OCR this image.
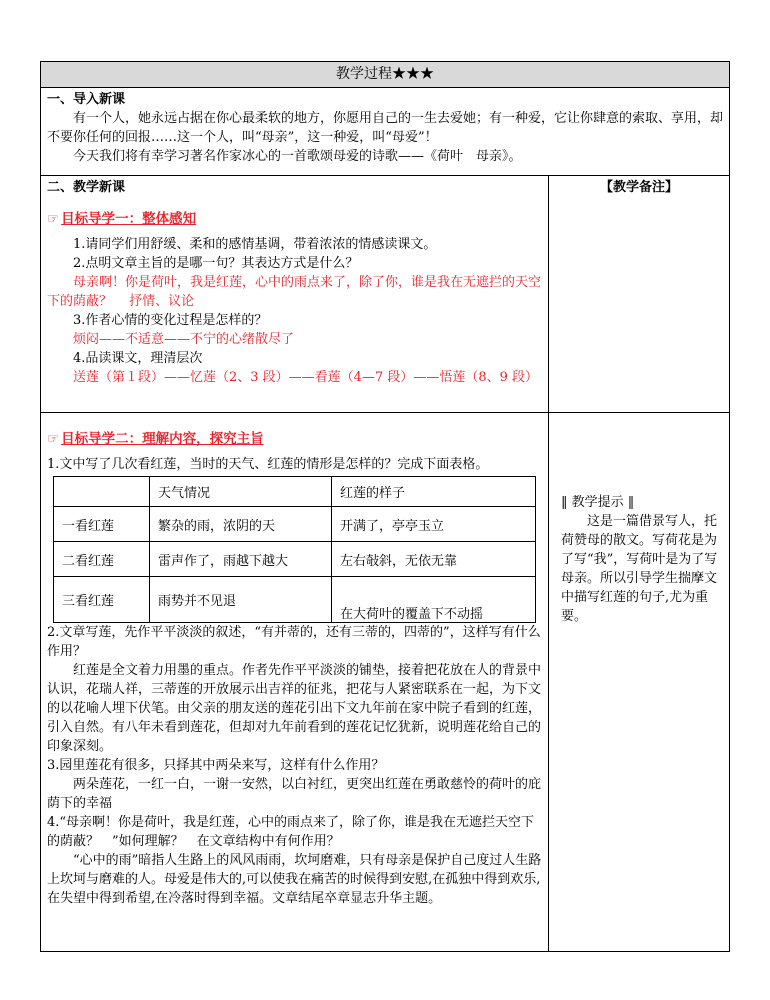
教学过程★★★

一、导入新课

有一个人，她永远占据在你心最柔软的地方，你愿用自己的一生去爱她；有一种爱，它让你肆意的索取、享用，却不要你任何的回报……这一个人，叫“母亲”，这一种爱，叫“母爱”！

今天我们将有幸学习著名作家冰心的一首歌颂母爱的诗歌——《荷叶　母亲》。

二、教学新课
☞ 目标导学一：整体感知

1.请同学们用舒缓、柔和的感情基调，带着浓浓的情感读课文。

2.点明文章主旨的是哪一句？其表达方式是什么？

母亲啊！你是荷叶，我是红莲，心中的雨点来了，除了你，谁是我在无遮拦的天空下的荫蔽？　 抒情、议论

3.作者心情的变化过程是怎样的？

烦闷——不适意——不宁的心绪散尽了

4.品读课文，理清层次

送莲（第１段）——忆莲（2、3 段）——看莲（4—7 段）——悟莲（8、9 段）

【教学备注】

☞ 目标导学二：理解内容，探究主旨

1.文中写了几次看红莲，当时的天气、红莲的情形是怎样的？完成下面表格。

	天气情况	红莲的样子
一看红莲	繁杂的雨，浓阴的天	开满了，亭亭玉立
二看红莲	雷声作了，雨越下越大	左右敧斜，无依无靠
三看红莲	雨势并不见退	在大荷叶的覆盖下不动摇

2.文章写莲，先作平平淡淡的叙述，“有并蒂的，还有三蒂的，四蒂的”，这样写有什么作用？

红莲是全文着力用墨的重点。作者先作平平淡淡的铺垫，接着把花放在人的背景中认识，花瑞人祥，三蒂莲的开放展示出吉祥的征兆，把花与人紧密联系在一起，为下文的以花喻人埋下伏笔。由父亲的朋友送的莲花引出下文九年前在家中院子看到的红莲，引入自然。有八年未看到莲花，但却对九年前看到的莲花记忆犹新，说明莲花给自己的印象深刻。

3.园里莲花有很多，只择其中两朵来写，这样有什么作用？

两朵莲花，一红一白，一谢一安然，以白衬红，更突出红莲在勇敢慈怜的荷叶的庇荫下的幸福

4.“母亲啊！你是荷叶，我是红莲，心中的雨点来了，除了你，谁是我在无遮拦天空下的荫蔽？　”如何理解？　在文章结构中有何作用？

“心中的雨”暗指人生路上的风风雨雨，坎坷磨难，只有母亲是保护自己度过人生路上坎坷与磨难的人。母爱是伟大的,可以使我在痛苦的时候得到安慰,在孤独中得到欢乐,在失望中得到希望,在冷落时得到幸福。文章结尾卒章显志升华主题。

‖ 教学提示 ‖
这是一篇借景写人，托荷赞母的散文。写荷花是为了写“我”，写荷叶是为了写母亲。所以引导学生揣摩文中描写红莲的句子,尤为重要。
